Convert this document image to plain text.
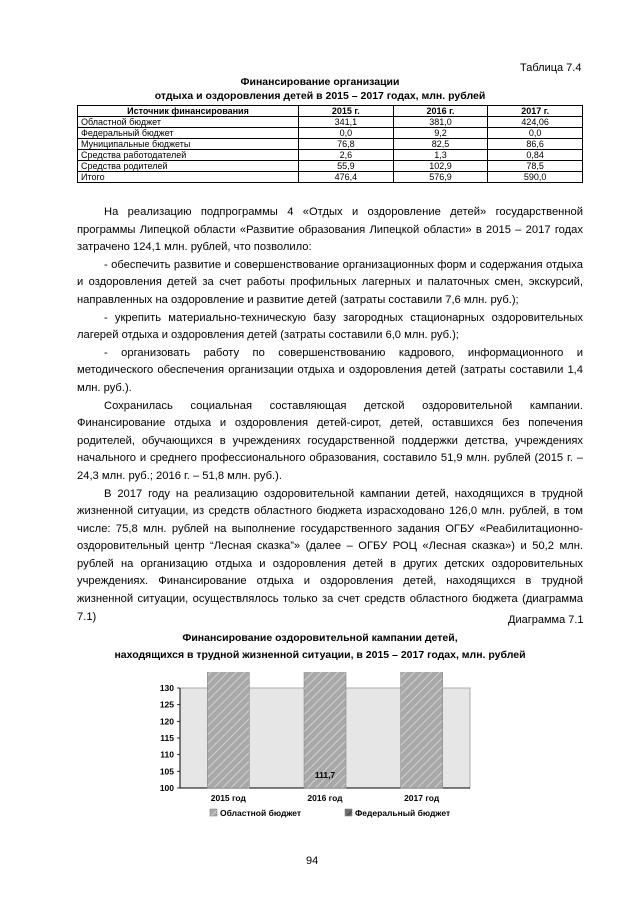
Таблица 7.4
Финансирование организации
отдыха и оздоровления детей в 2015 – 2017 годах, млн. рублей
Источник финансирования	2015 г.	2016 г.	2017 г.
Областной бюджет	341,1	381,0	424,06
Федеральный бюджет	0,0	9,2	0,0
Муниципальные бюджеты	76,8	82,5	86,6
Средства работодателей	2,6	1,3	0,84
Средства родителей	55,9	102,9	78,5
Итого	476,4	576,9	590,0

На реализацию подпрограммы 4 «Отдых и оздоровление детей» государственной программы Липецкой области «Развитие образования Липецкой области» в 2015 – 2017 годах затрачено 124,1 млн. рублей, что позволило:

- обеспечить развитие и совершенствование организационных форм и содержания отдыха и оздоровления детей за счет работы профильных лагерных и палаточных смен, экскурсий, направленных на оздоровление и развитие детей (затраты составили 7,6 млн. руб.);

- укрепить материально-техническую базу загородных стационарных оздоровительных лагерей отдыха и оздоровления детей (затраты составили 6,0 млн. руб.);

- организовать работу по совершенствованию кадрового, информационного и методического обеспечения организации отдыха и оздоровления детей (затраты составили 1,4 млн. руб.).

Сохранилась социальная составляющая детской оздоровительной кампании. Финансирование отдыха и оздоровления детей-сирот, детей, оставшихся без попечения родителей, обучающихся в учреждениях государственной поддержки детства, учреждениях начального и среднего профессионального образования, составило 51,9 млн. рублей (2015 г. – 24,3 млн. руб.; 2016 г. – 51,8 млн. руб.).

В 2017 году на реализацию оздоровительной кампании детей, находящихся в трудной жизненной ситуации, из средств областного бюджета израсходовано 126,0 млн. рублей, в том числе: 75,8 млн. рублей на выполнение государственного задания ОГБУ «Реабилитационно-оздоровительный центр “Лесная сказка”» (далее – ОГБУ РОЦ «Лесная сказка») и 50,2 млн. рублей на организацию отдыха и оздоровления детей в других детских оздоровительных учреждениях. Финансирование отдыха и оздоровления детей, находящихся в трудной жизненной ситуации, осуществлялось только за счет средств областного бюджета (диаграмма 7.1)	Диаграмма 7.1
Финансирование оздоровительной кампании детей,
находящихся в трудной жизненной ситуации, в 2015 – 2017 годах, млн. рублей
100
105
110
115
120
125
130
2015 год
111,7
2016 год	2017 год
Областной бюджет	Федеральный бюджет
94
